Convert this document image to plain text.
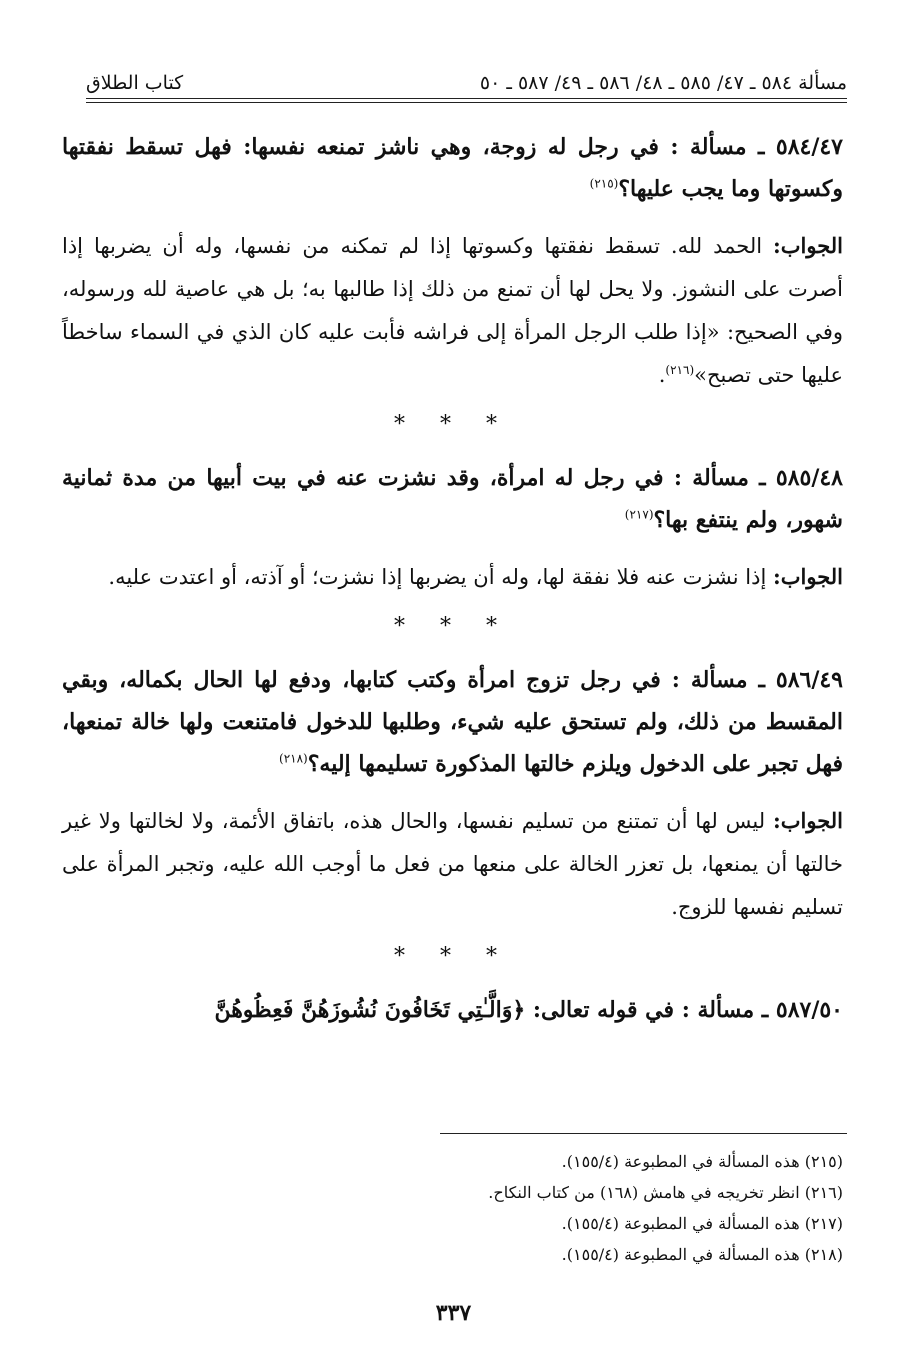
مسألة ٥٨٤ ـ ٤٧/ ٥٨٥ ـ ٤٨/ ٥٨٦ ـ ٤٩/ ٥٨٧ ـ ٥٠
كتاب الطلاق

٥٨٤/٤٧ ـ مسألة : في رجل له زوجة، وهي ناشز تمنعه نفسها: فهل تسقط نفقتها وكسوتها وما يجب عليها؟$^{(٢١٥)}$

الجواب: الحمد لله. تسقط نفقتها وكسوتها إذا لم تمكنه من نفسها، وله أن يضربها إذا أصرت على النشوز. ولا يحل لها أن تمنع من ذلك إذا طالبها به؛ بل هي عاصية لله ورسوله، وفي الصحيح: «إذا طلب الرجل المرأة إلى فراشه فأبت عليه كان الذي في السماء ساخطاً عليها حتى تصبح»$^{(٢١٦)}$.

* * *

٥٨٥/٤٨ ـ مسألة : في رجل له امرأة، وقد نشزت عنه في بيت أبيها من مدة ثمانية شهور، ولم ينتفع بها؟$^{(٢١٧)}$

الجواب: إذا نشزت عنه فلا نفقة لها، وله أن يضربها إذا نشزت؛ أو آذته، أو اعتدت عليه.

* * *

٥٨٦/٤٩ ـ مسألة : في رجل تزوج امرأة وكتب كتابها، ودفع لها الحال بكماله، وبقي المقسط من ذلك، ولم تستحق عليه شيء، وطلبها للدخول فامتنعت ولها خالة تمنعها، فهل تجبر على الدخول ويلزم خالتها المذكورة تسليمها إليه؟$^{(٢١٨)}$

الجواب: ليس لها أن تمتنع من تسليم نفسها، والحال هذه، باتفاق الأئمة، ولا لخالتها ولا غير خالتها أن يمنعها، بل تعزر الخالة على منعها من فعل ما أوجب الله عليه، وتجبر المرأة على تسليم نفسها للزوج.

* * *

٥٨٧/٥٠ ـ مسألة : في قوله تعالى: ﴿وَالَّـٰتِي تَخَافُونَ نُشُوزَهُنَّ فَعِظُوهُنَّ

(٢١٥) هذه المسألة في المطبوعة (١٥٥/٤).
(٢١٦) انظر تخريجه في هامش (١٦٨) من كتاب النكاح.
(٢١٧) هذه المسألة في المطبوعة (١٥٥/٤).
(٢١٨) هذه المسألة في المطبوعة (١٥٥/٤).
٣٣٧
